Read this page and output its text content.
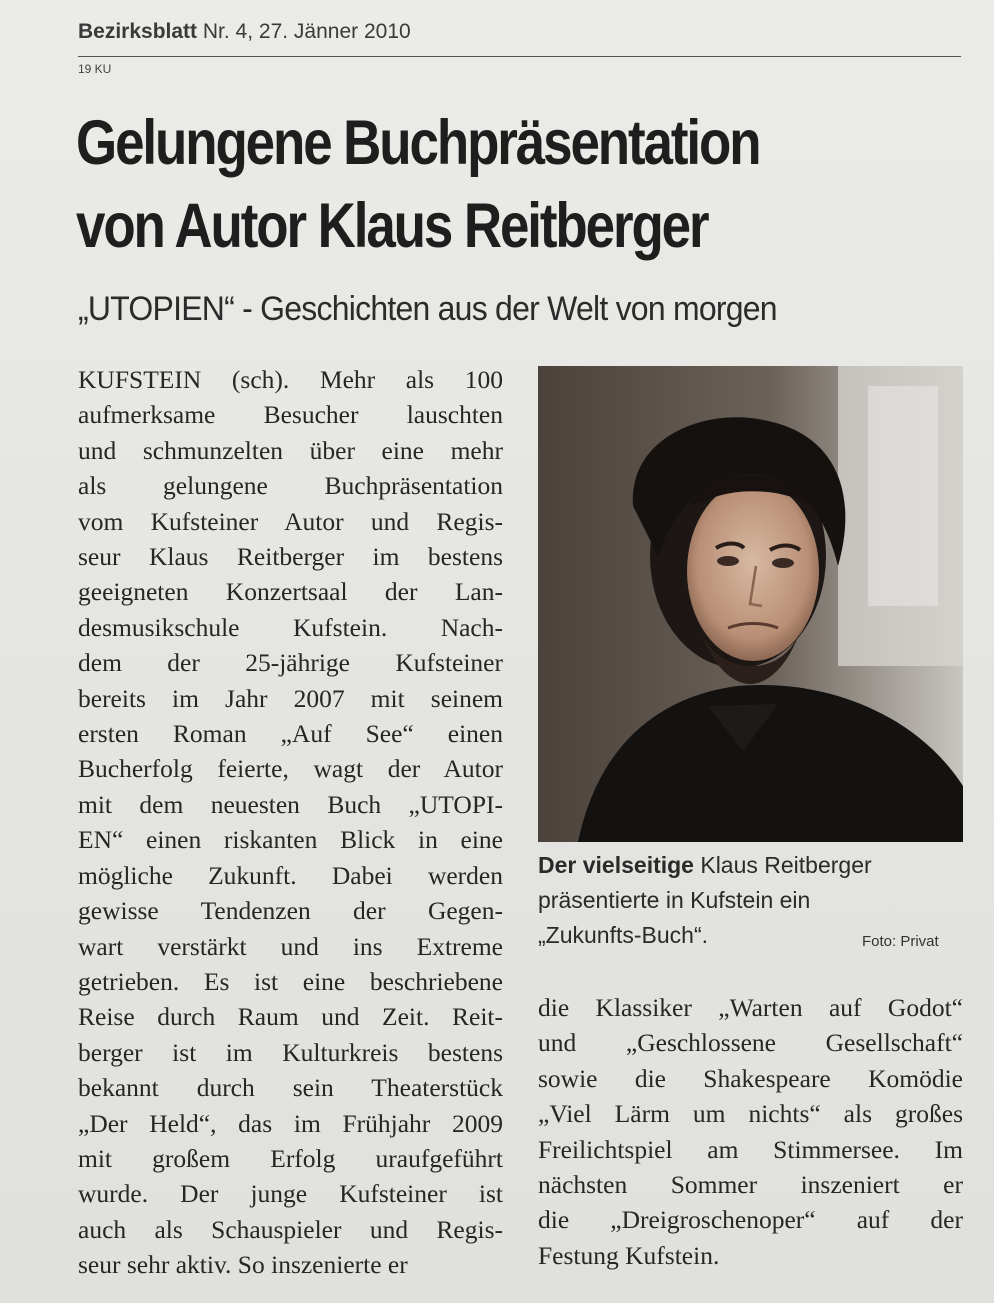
Bezirksblatt Nr. 4, 27. Jänner 2010
19 KU
Gelungene Buchpräsentation
von Autor Klaus Reitberger
„UTOPIEN“ - Geschichten aus der Welt von morgen
KUFSTEIN (sch). Mehr als 100
aufmerksame Besucher lauschten
und schmunzelten über eine mehr
als gelungene Buchpräsentation
vom Kufsteiner Autor und Regis-
seur Klaus Reitberger im bestens
geeigneten Konzertsaal der Lan-
desmusikschule Kufstein. Nach-
dem der 25-jährige Kufsteiner
bereits im Jahr 2007 mit seinem
ersten Roman „Auf See“ einen
Bucherfolg feierte, wagt der Autor
mit dem neuesten Buch „UTOPI-
EN“ einen riskanten Blick in eine
mögliche Zukunft. Dabei werden
gewisse Tendenzen der Gegen-
wart verstärkt und ins Extreme
getrieben. Es ist eine beschriebene
Reise durch Raum und Zeit. Reit-
berger ist im Kulturkreis bestens
bekannt durch sein Theaterstück
„Der Held“, das im Frühjahr 2009
mit großem Erfolg uraufgeführt
wurde. Der junge Kufsteiner ist
auch als Schauspieler und Regis-
seur sehr aktiv. So inszenierte er
Der vielseitige Klaus Reitberger
präsentierte in Kufstein ein
„Zukunfts-Buch“.	Foto: Privat
die Klassiker „Warten auf Godot“
und „Geschlossene Gesellschaft“
sowie die Shakespeare Komödie
„Viel Lärm um nichts“ als großes
Freilichtspiel am Stimmersee. Im
nächsten Sommer inszeniert er
die „Dreigroschenoper“ auf der
Festung Kufstein.
